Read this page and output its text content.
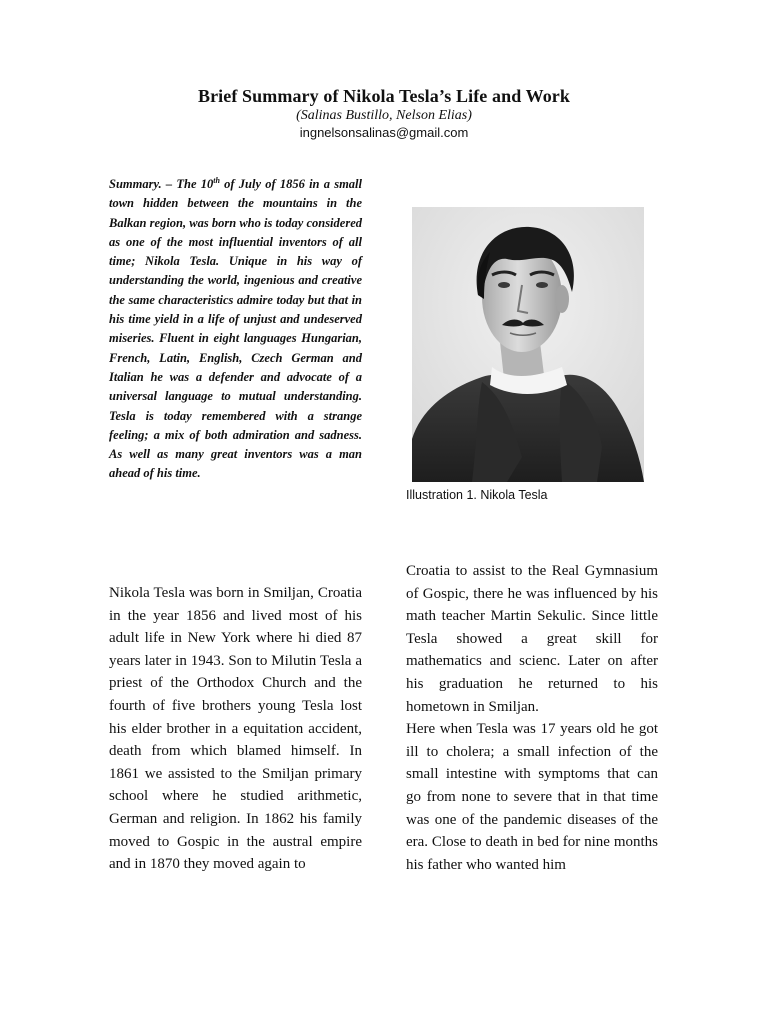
Brief Summary of Nikola Tesla’s Life and Work
(Salinas Bustillo, Nelson Elias)
ingnelsonsalinas@gmail.com
Summary. – The 10th of July of 1856 in a small town hidden between the mountains in the Balkan region, was born who is today considered as one of the most influential inventors of all time; Nikola Tesla. Unique in his way of understanding the world, ingenious and creative the same characteristics admire today but that in his time yield in a life of unjust and undeserved miseries. Fluent in eight languages Hungarian, French, Latin, English, Czech German and Italian he was a defender and advocate of a universal language to mutual understanding. Tesla is today remembered with a strange feeling; a mix of both admiration and sadness. As well as many great inventors was a man ahead of his time.
Illustration 1. Nikola Tesla

Nikola Tesla was born in Smiljan, Croatia in the year 1856 and lived most of his adult life in New York where hi died 87 years later in 1943. Son to Milutin Tesla a priest of the Orthodox Church and the fourth of five brothers young Tesla lost his elder brother in a equitation accident, death from which blamed himself. In 1861 we assisted to the Smiljan primary school where he studied arithmetic, German and religion. In 1862 his family moved to Gospic in the austral empire and in 1870 they moved again to

Croatia to assist to the Real Gymnasium of Gospic, there he was influenced by his math teacher Martin Sekulic. Since little Tesla showed a great skill for mathematics and scienc. Later on after his graduation he returned to his hometown in Smiljan.

Here when Tesla was 17 years old he got ill to cholera; a small infection of the small intestine with symptoms that can go from none to severe that in that time was one of the pandemic diseases of the era. Close to death in bed for nine months his father who wanted him
